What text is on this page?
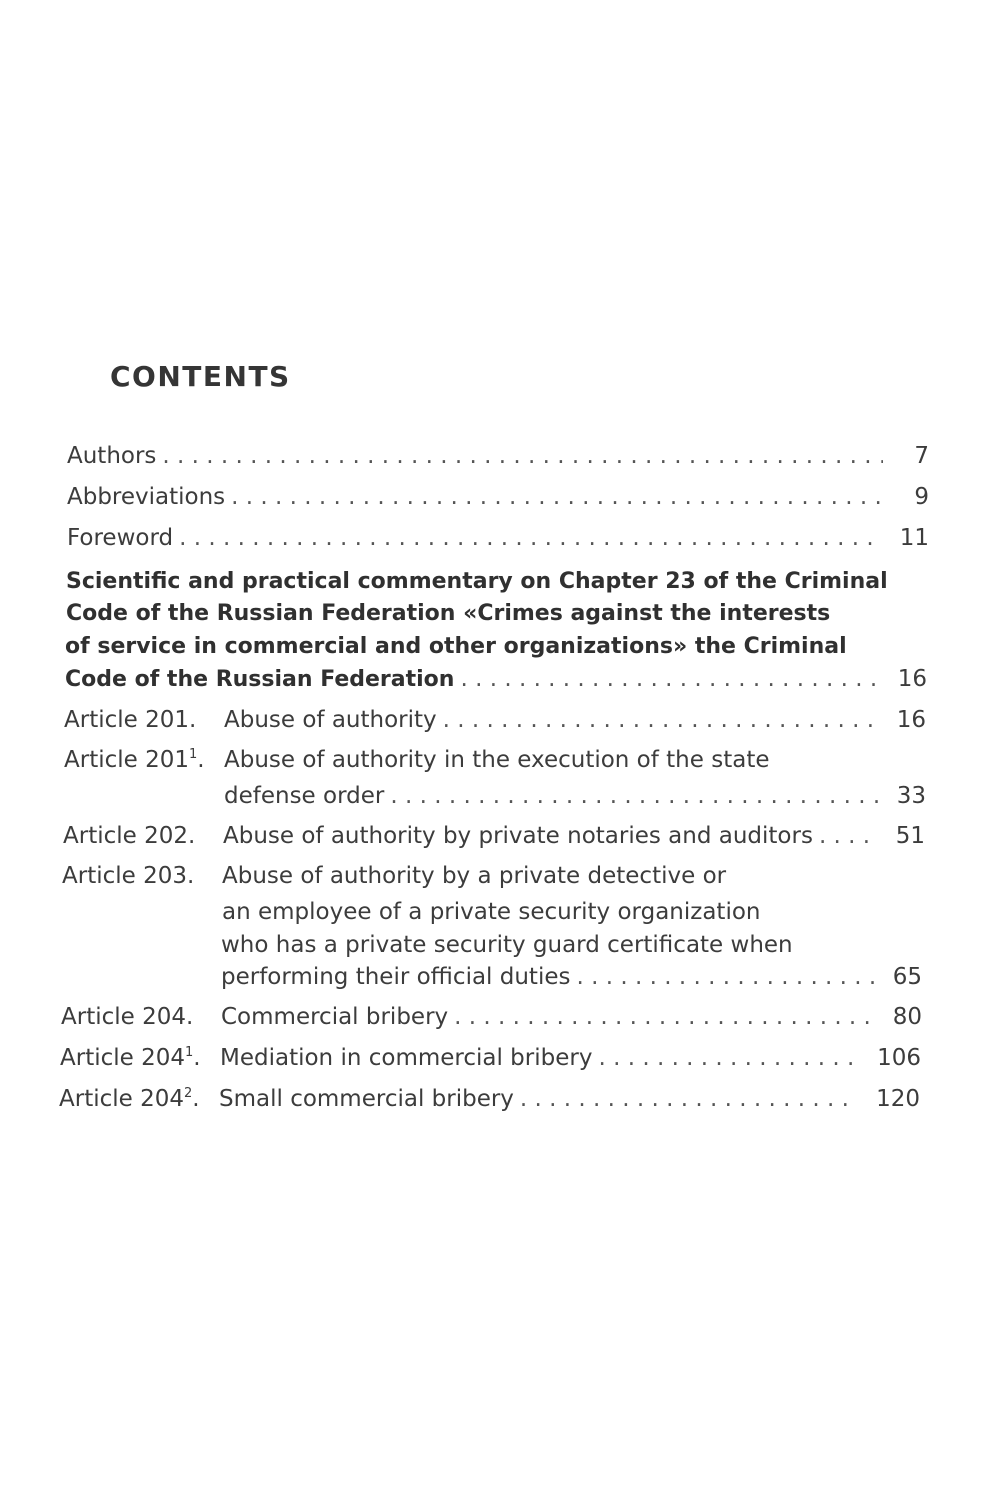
CONTENTS
Authors . . .	7
Abbreviations . . .	9
Foreword . . .	11
Scientific and practical commentary on Chapter 23 of the Criminal
Code of the Russian Federation «Crimes against the interests
of service in commercial and other organizations» the Criminal
Code of the Russian Federation . . .	16
Article 201.	Abuse of authority . . .	16
Article $201^1$. Abuse of authority in the execution of the state
defense order . . .	33
Article 202.	Abuse of authority by private notaries and auditors . . .	51
Article 203.	Abuse of authority by a private detective or
an employee of a private security organization
who has a private security guard certificate when
performing their official duties . . .	65
Article 204.	Commercial bribery . . .	80
Article $204^1$. Mediation in commercial bribery . . .	106
Article $204^2$. Small commercial bribery . . .	120
